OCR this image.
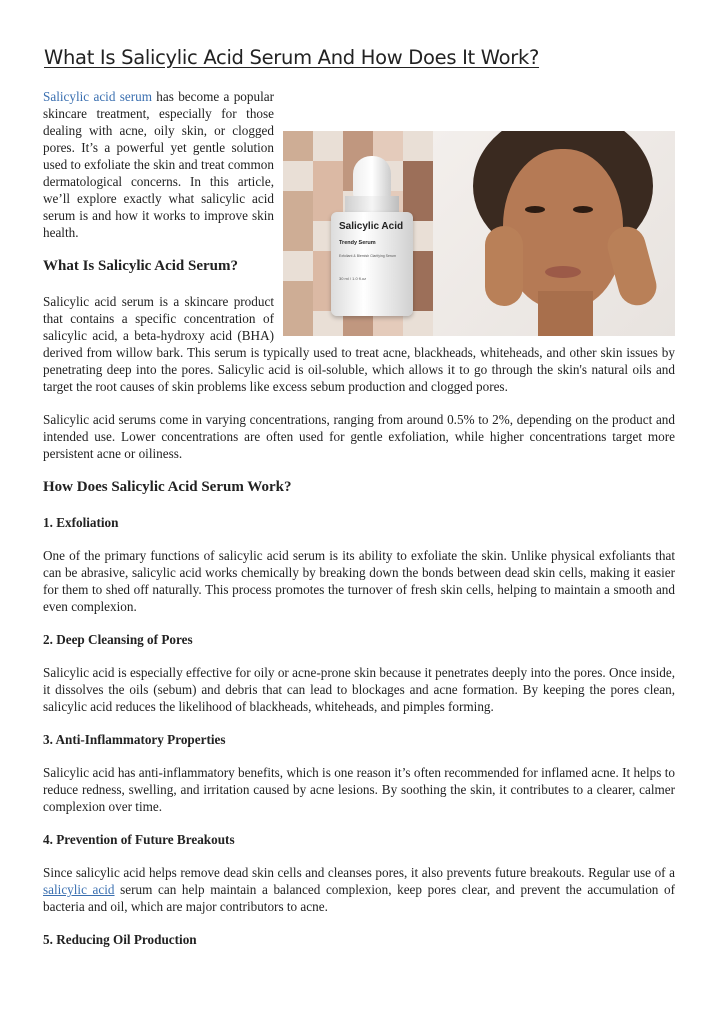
What Is Salicylic Acid Serum And How Does It Work?
Salicylic Acid
Trendy Serum
Exfoliant & Blemish Clarifying Serum
30 ml / 1.0 fl.oz

Salicylic acid serum has become a popular skincare treatment, especially for those dealing with acne, oily skin, or clogged pores. It’s a powerful yet gentle solution used to exfoliate the skin and treat common dermatological concerns. In this article, we’ll explore exactly what salicylic acid serum is and how it works to improve skin health.

What Is Salicylic Acid Serum?

Salicylic acid serum is a skincare product that contains a specific concentration of salicylic acid, a beta-hydroxy acid (BHA) derived from willow bark. This serum is typically used to treat acne, blackheads, whiteheads, and other skin issues by penetrating deep into the pores. Salicylic acid is oil-soluble, which allows it to go through the skin's natural oils and target the root causes of skin problems like excess sebum production and clogged pores.

Salicylic acid serums come in varying concentrations, ranging from around 0.5% to 2%, depending on the product and intended use. Lower concentrations are often used for gentle exfoliation, while higher concentrations target more persistent acne or oiliness.

How Does Salicylic Acid Serum Work?
1. Exfoliation

One of the primary functions of salicylic acid serum is its ability to exfoliate the skin. Unlike physical exfoliants that can be abrasive, salicylic acid works chemically by breaking down the bonds between dead skin cells, making it easier for them to shed off naturally. This process promotes the turnover of fresh skin cells, helping to maintain a smooth and even complexion.

2. Deep Cleansing of Pores

Salicylic acid is especially effective for oily or acne-prone skin because it penetrates deeply into the pores. Once inside, it dissolves the oils (sebum) and debris that can lead to blockages and acne formation. By keeping the pores clean, salicylic acid reduces the likelihood of blackheads, whiteheads, and pimples forming.

3. Anti-Inflammatory Properties

Salicylic acid has anti-inflammatory benefits, which is one reason it’s often recommended for inflamed acne. It helps to reduce redness, swelling, and irritation caused by acne lesions. By soothing the skin, it contributes to a clearer, calmer complexion over time.

4. Prevention of Future Breakouts

Since salicylic acid helps remove dead skin cells and cleanses pores, it also prevents future breakouts. Regular use of a salicylic acid serum can help maintain a balanced complexion, keep pores clear, and prevent the accumulation of bacteria and oil, which are major contributors to acne.

5. Reducing Oil Production
